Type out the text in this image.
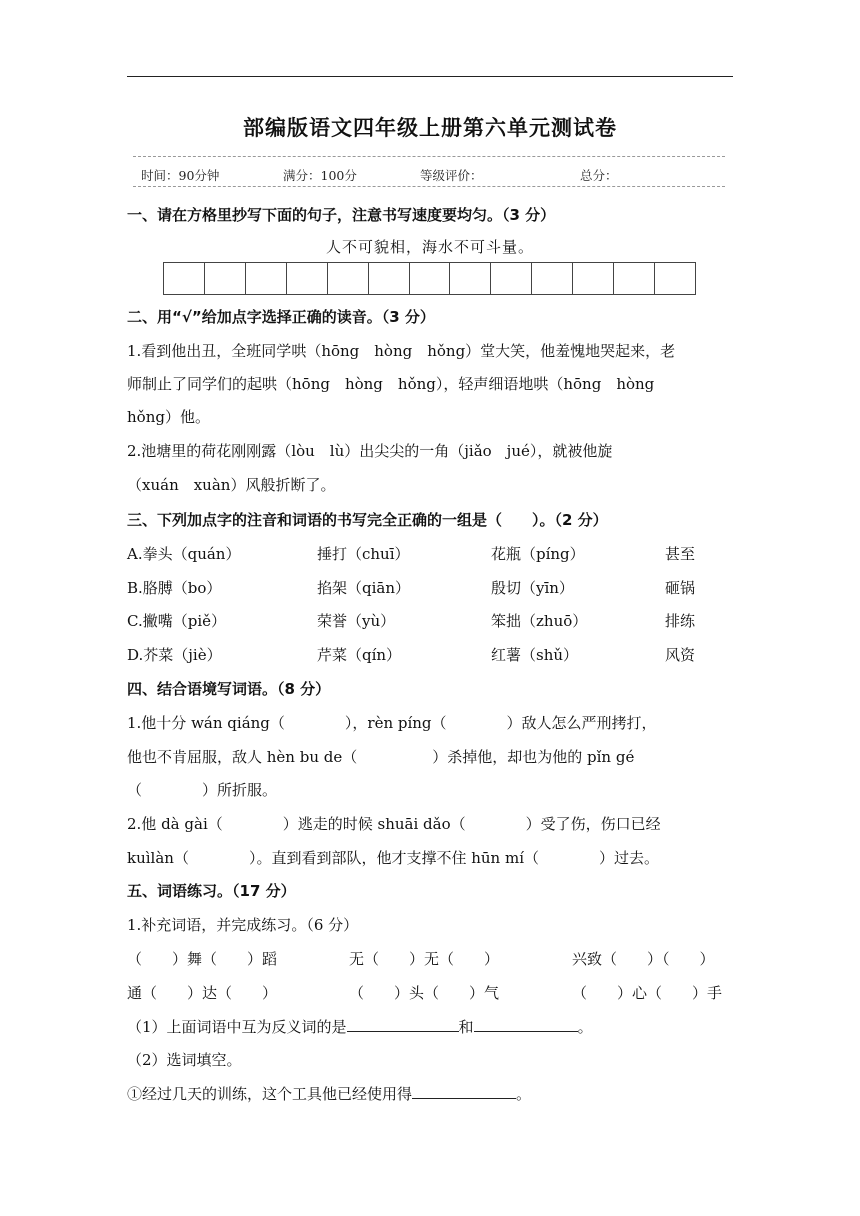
部编版语文四年级上册第六单元测试卷
时间：90分钟	满分：100分	等级评价：	总分：
一、请在方格里抄写下面的句子，注意书写速度要均匀。（3 分）
人不可貌相，海水不可斗量。
二、用“√”给加点字选择正确的读音。（3 分）
1.看到他出丑，全班同学哄（hōng　hòng　hǒng）堂大笑，他羞愧地哭起来，老
师制止了同学们的起哄（hōng　hòng　hǒng），轻声细语地哄（hōng　hòng
hǒng）他。
2.池塘里的荷花刚刚露（lòu　lù）出尖尖的一角（jiǎo　jué），就被他旋
（xuán　xuàn）风般折断了。
三、下列加点字的注音和词语的书写完全正确的一组是（　　）。（2 分）
A.拳头（quán）	捶打（chuī）	花瓶（píng）	甚至
B.胳膊（bo）	掐架（qiān）	殷切（yīn）	砸锅
C.撇嘴（piě）	荣誉（yù）	笨拙（zhuō）	排练
D.芥菜（jiè）	芹菜（qín）	红薯（shǔ）	风资
四、结合语境写词语。（8 分）
1.他十分 wán qiáng（　　　　），rèn píng（　　　　）敌人怎么严刑拷打，
他也不肯屈服，敌人 hèn bu de（　　　　　）杀掉他，却也为他的 pǐn gé
（　　　　）所折服。
2.他 dà gài（　　　　）逃走的时候 shuāi dǎo（　　　　）受了伤，伤口已经
kuìlàn（　　　　）。直到看到部队，他才支撑不住 hūn mí（　　　　）过去。
五、词语练习。（17 分）
1.补充词语，并完成练习。（6 分）
（　　）舞（　　）蹈	无（　　）无（　　）	兴致（　　）（　　）
通（　　）达（　　）	（　　）头（　　）气	（　　）心（　　）手
（1）上面词语中互为反义词的是	和	。
（2）选词填空。
①经过几天的训练，这个工具他已经使用得	。
